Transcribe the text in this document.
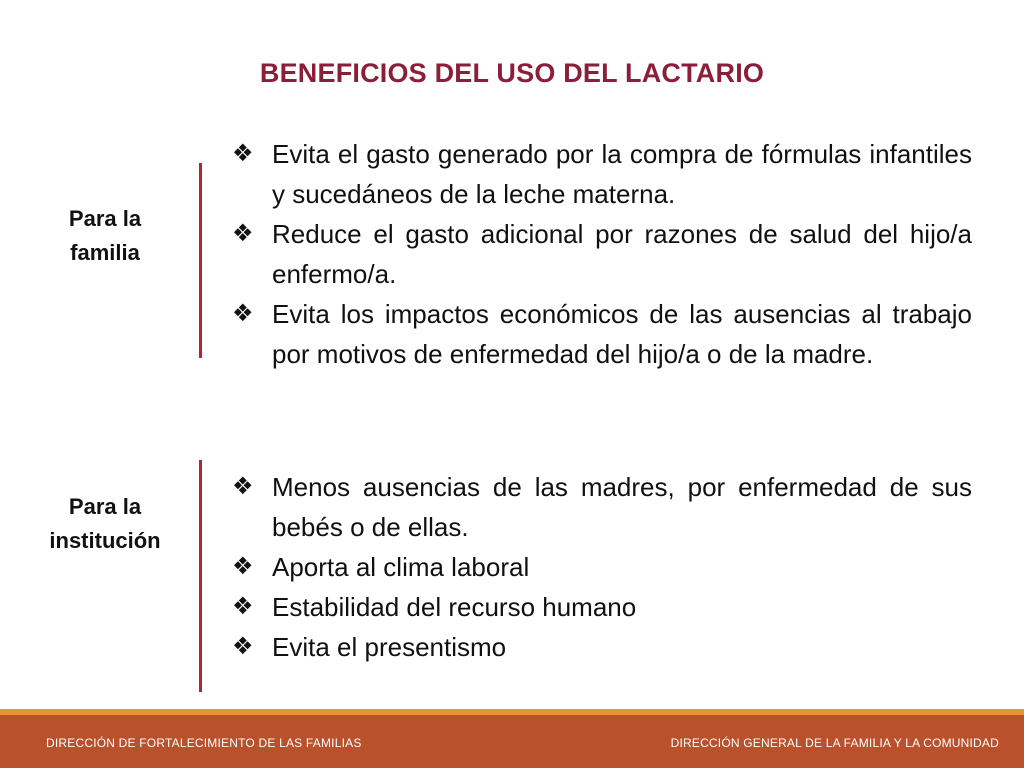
BENEFICIOS DEL USO DEL LACTARIO
Para la
familia
❖ Evita el gasto generado por la compra de fórmulas infantiles y sucedáneos de la leche materna.
❖ Reduce el gasto adicional por razones de salud del hijo/a enfermo/a.
❖ Evita los impactos económicos de las ausencias al trabajo por motivos de enfermedad del hijo/a o de la madre.
Para la
institución
❖ Menos ausencias de las madres, por enfermedad de sus bebés o de ellas.
❖ Aporta al clima laboral
❖ Estabilidad del recurso humano
❖ Evita el presentismo
DIRECCIÓN DE FORTALECIMIENTO DE LAS FAMILIAS	DIRECCIÓN GENERAL DE LA FAMILIA Y LA COMUNIDAD
